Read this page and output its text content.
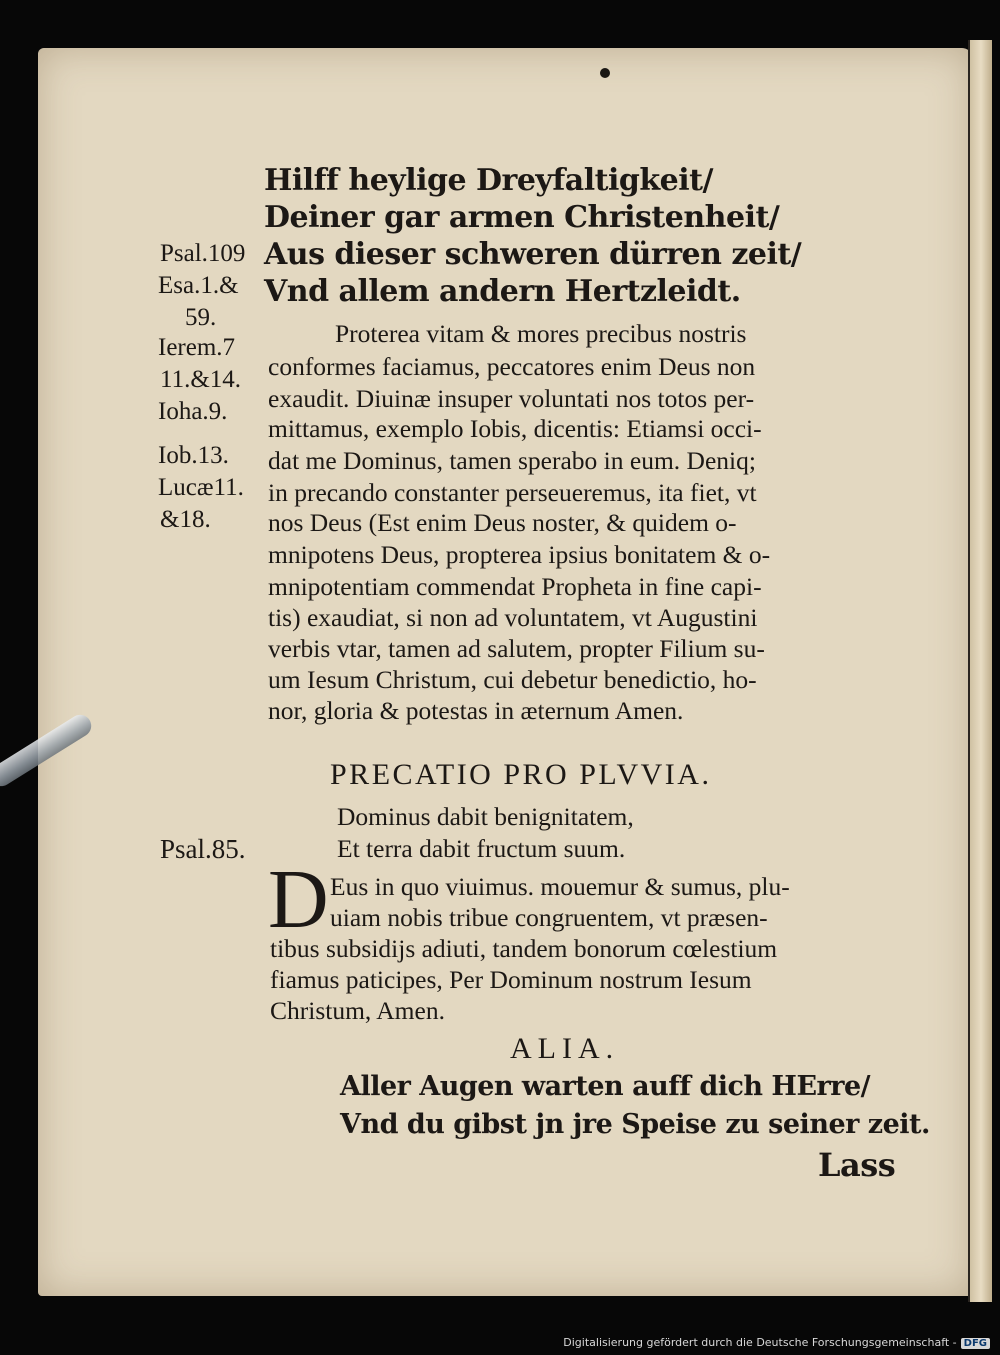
Hilff heylige Dreyfaltigkeit/
Deiner gar armen Christenheit/
Aus dieser schweren dürren zeit/
Vnd allem andern Hertzleidt.
Psal.109
Esa.1.&
59.
Ierem.7
11.&14.
Ioha.9.
Iob.13.
Lucæ11.
&18.
Proterea vitam & mores precibus nostris
conformes faciamus, peccatores enim Deus non
exaudit. Diuinæ insuper voluntati nos totos per-
mittamus, exemplo Iobis, dicentis: Etiamsi occi-
dat me Dominus, tamen sperabo in eum. Deniq;
in precando constanter perseueremus, ita fiet, vt
nos Deus (Est enim Deus noster, & quidem o-
mnipotens Deus, propterea ipsius bonitatem & o-
mnipotentiam commendat Propheta in fine capi-
tis) exaudiat, si non ad voluntatem, vt Augustini
verbis vtar, tamen ad salutem, propter Filium su-
um Iesum Christum, cui debetur benedictio, ho-
nor, gloria & potestas in æternum Amen.
PRECATIO PRO PLVVIA.
Dominus dabit benignitatem,
Et terra dabit fructum suum.
Psal.85.
D Eus in quo viuimus. mouemur & sumus, plu-
uiam nobis tribue congruentem, vt præsen-
tibus subsidijs adiuti, tandem bonorum cœlestium
fiamus paticipes, Per Dominum nostrum Iesum
Christum, Amen.
ALIA.
Aller Augen warten auff dich HErre/
Vnd du gibst jn jre Speise zu seiner zeit.
Lass
Digitalisierung gefördert durch die Deutsche Forschungsgemeinschaft - DFG
